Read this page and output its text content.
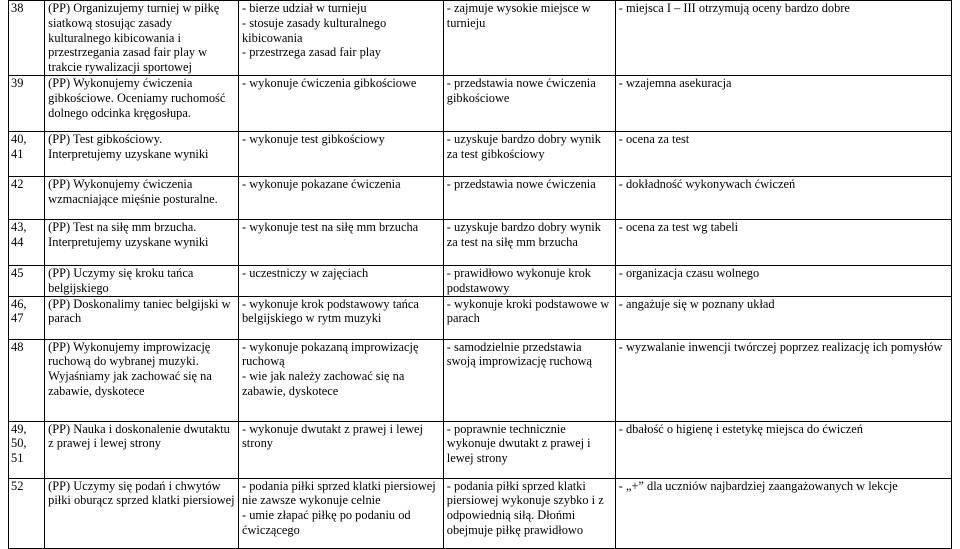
38	(PP) Organizujemy turniej w piłkę siatkową stosując zasady kulturalnego kibicowania i przestrzegania zasad fair play w trakcie rywalizacji sportowej	- bierze udział w turnieju
- stosuje zasady kulturalnego kibicowania
- przestrzega zasad fair play	- zajmuje wysokie miejsce w turnieju	- miejsca I – III otrzymują oceny bardzo dobre
39	(PP) Wykonujemy ćwiczenia gibkościowe. Oceniamy ruchomość dolnego odcinka kręgosłupa.	- wykonuje ćwiczenia gibkościowe	- przedstawia nowe ćwiczenia gibkościowe	- wzajemna asekuracja
40,
41	(PP) Test gibkościowy. Interpretujemy uzyskane wyniki	- wykonuje test gibkościowy	- uzyskuje bardzo dobry wynik za test gibkościowy	- ocena za test
42	(PP) Wykonujemy ćwiczenia wzmacniające mięśnie posturalne.	- wykonuje pokazane ćwiczenia	- przedstawia nowe ćwiczenia	- dokładność wykonywach ćwiczeń
43,
44	(PP) Test na siłę mm brzucha. Interpretujemy uzyskane wyniki	- wykonuje test na siłę mm brzucha	- uzyskuje bardzo dobry wynik za test na siłę mm brzucha	- ocena za test wg tabeli
45	(PP) Uczymy się kroku tańca belgijskiego	- uczestniczy w zajęciach	- prawidłowo wykonuje krok podstawowy	- organizacja czasu wolnego
46,
47	(PP) Doskonalimy taniec belgijski w parach	- wykonuje krok podstawowy tańca belgijskiego w rytm muzyki	- wykonuje kroki podstawowe w parach	- angażuje się w poznany układ
48	(PP) Wykonujemy improwizację ruchową do wybranej muzyki. Wyjaśniamy jak zachować się na zabawie, dyskotece	- wykonuje pokazaną improwizację ruchową
- wie jak należy zachować się na zabawie, dyskotece	- samodzielnie przedstawia swoją improwizację ruchową	- wyzwalanie inwencji twórczej poprzez realizację ich pomysłów
49,
50,
51	(PP) Nauka i doskonalenie dwutaktu z prawej i lewej strony	- wykonuje dwutakt z prawej i lewej strony	- poprawnie technicznie wykonuje dwutakt z prawej i lewej strony	- dbałość o higienę i estetykę miejsca do ćwiczeń
52	(PP) Uczymy się podań i chwytów piłki oburącz sprzed klatki piersiowej	- podania piłki sprzed klatki piersiowej nie zawsze wykonuje celnie
- umie złapać piłkę po podaniu od ćwiczącego	- podania piłki sprzed klatki piersiowej wykonuje szybko i z odpowiednią siłą. Dłońmi obejmuje piłkę prawidłowo	- „+” dla uczniów najbardziej zaangażowanych w lekcje
